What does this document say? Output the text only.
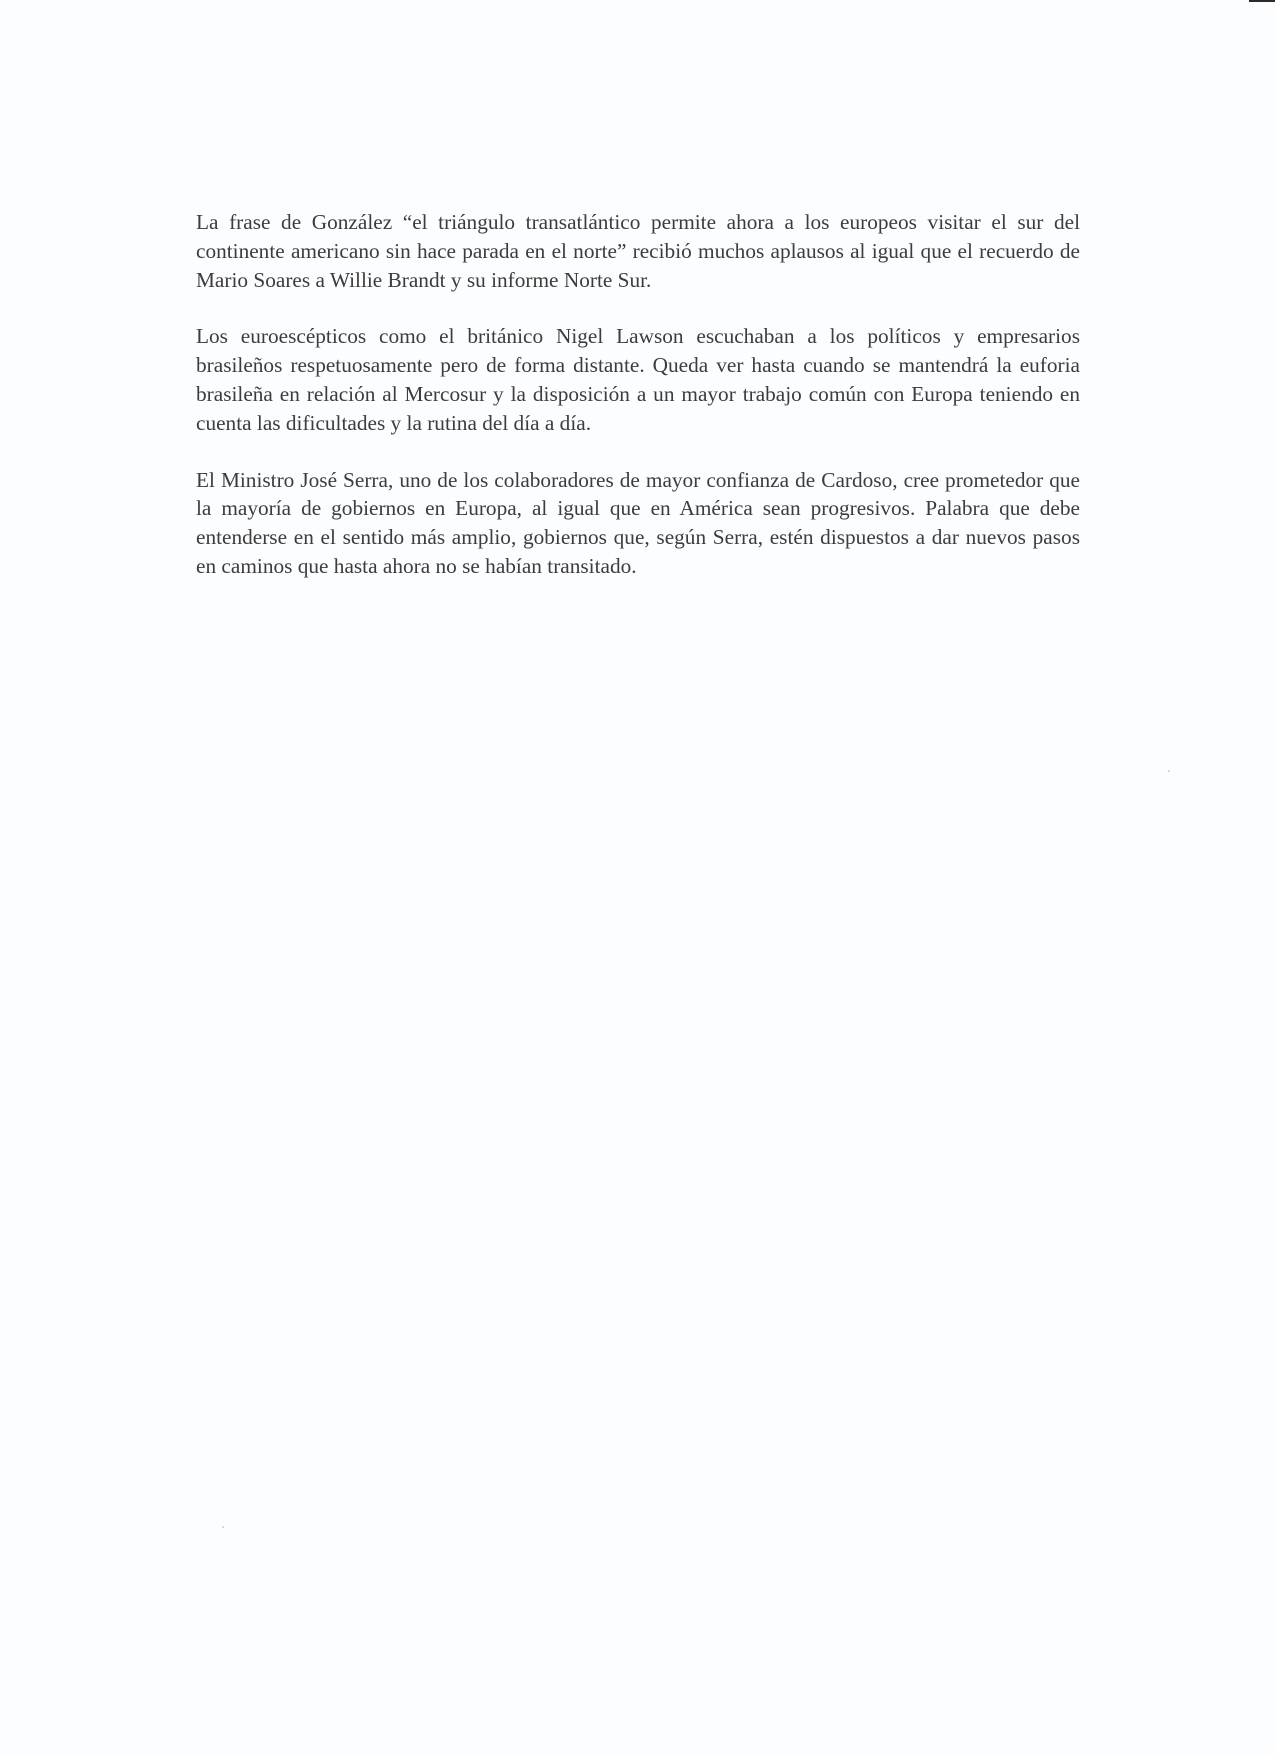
La frase de González “el triángulo transatlántico permite ahora a los europeos visitar el sur del continente americano sin hace parada en el norte” recibió muchos aplausos al igual que el recuerdo de Mario Soares a Willie Brandt y su informe Norte Sur.

Los euroescépticos como el británico Nigel Lawson escuchaban a los políticos y empresarios brasileños respetuosamente pero de forma distante. Queda ver hasta cuando se mantendrá la euforia brasileña en relación al Mercosur y la disposición a un mayor trabajo común con Europa teniendo en cuenta las dificultades y la rutina del día a día.

El Ministro José Serra, uno de los colaboradores de mayor confianza de Cardoso, cree prometedor que la mayoría de gobiernos en Europa, al igual que en América sean progresivos. Palabra que debe entenderse en el sentido más amplio, gobiernos que, según Serra, estén dispuestos a dar nuevos pasos en caminos que hasta ahora no se habían transitado.
